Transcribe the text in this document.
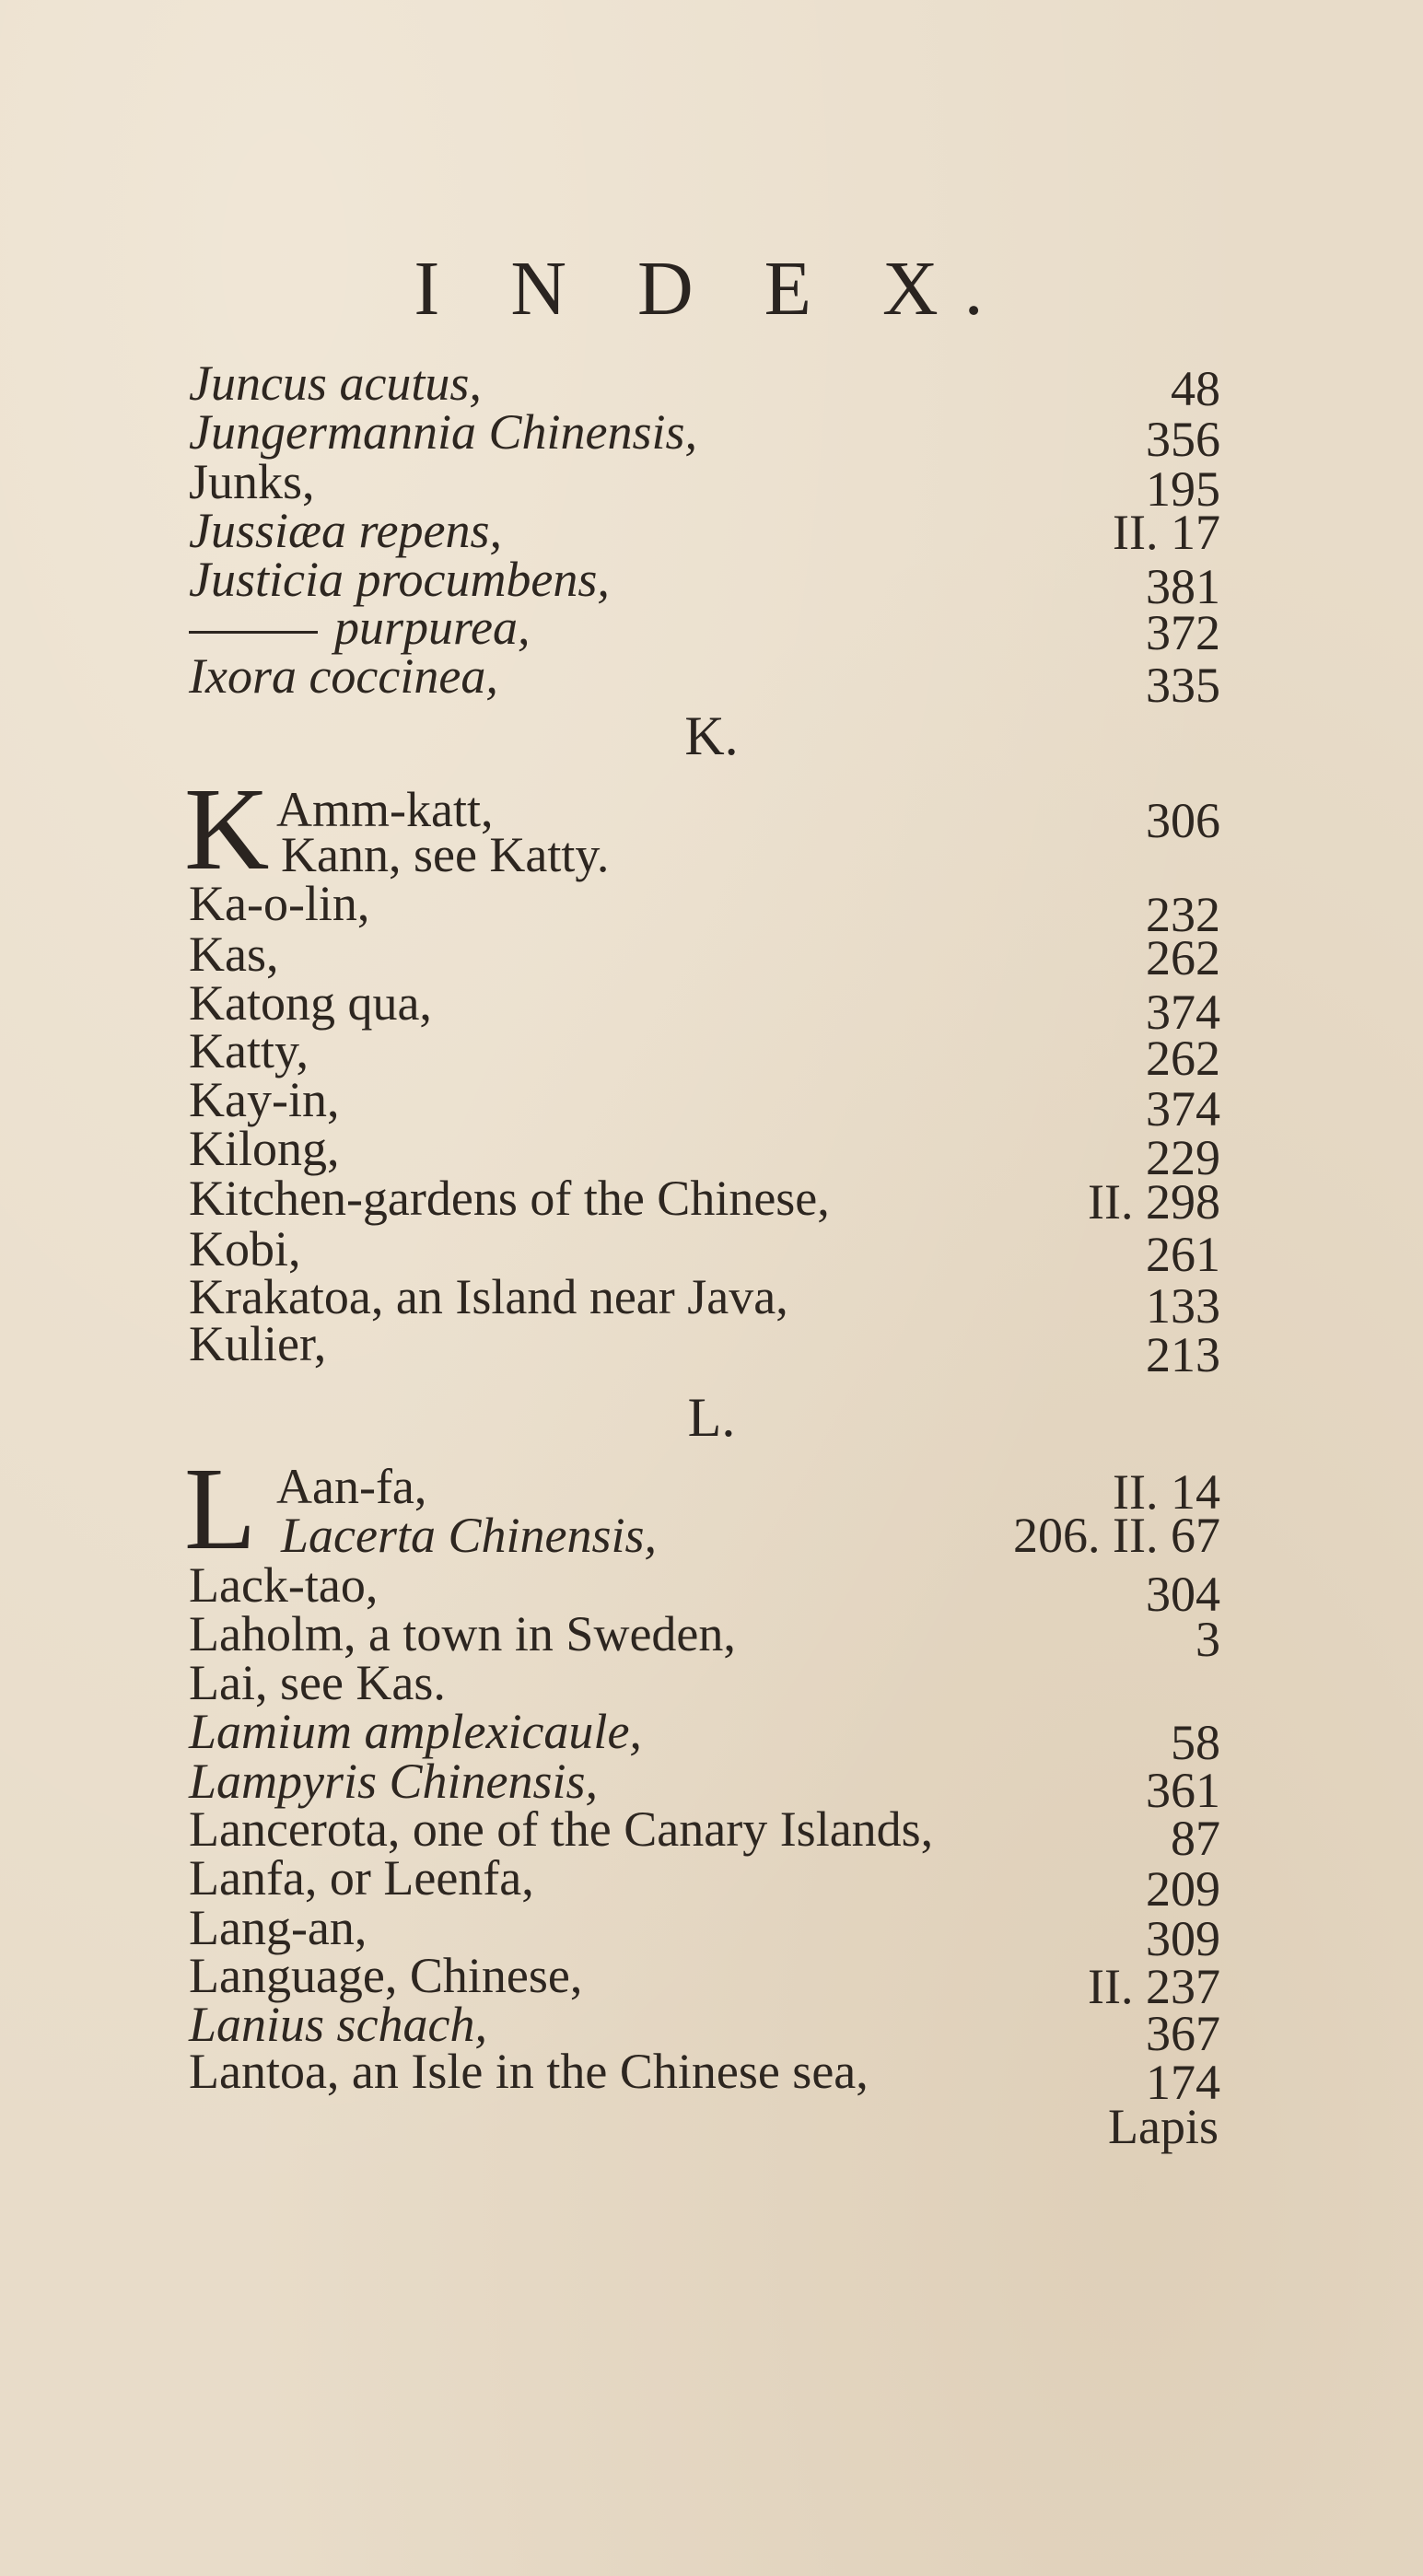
I N D E X.
Juncus acutus,	48
Jungermannia Chinensis,	356
Junks,	195
Jussiæa repens,	II. 17
Justicia procumbens,	381
purpurea,	372
Ixora coccinea,	335
K.
K Amm-katt,	306
Kann, see Katty.
Ka-o-lin,	232
Kas,	262
Katong qua,	374
Katty,	262
Kay-in,	374
Kilong,	229
Kitchen-gardens of the Chinese,	II. 298
Kobi,	261
Krakatoa, an Island near Java,	133
Kulier,	213
L.
L Aan-fa,	II. 14
Lacerta Chinensis,	206. II. 67
Lack-tao,	304
Laholm, a town in Sweden,	3
Lai, see Kas.
Lamium amplexicaule,	58
Lampyris Chinensis,	361
Lancerota, one of the Canary Islands,	87
Lanfa, or Leenfa,	209
Lang-an,	309
Language, Chinese,	II. 237
Lanius schach,	367
Lantoa, an Isle in the Chinese sea,	174
Lapis
